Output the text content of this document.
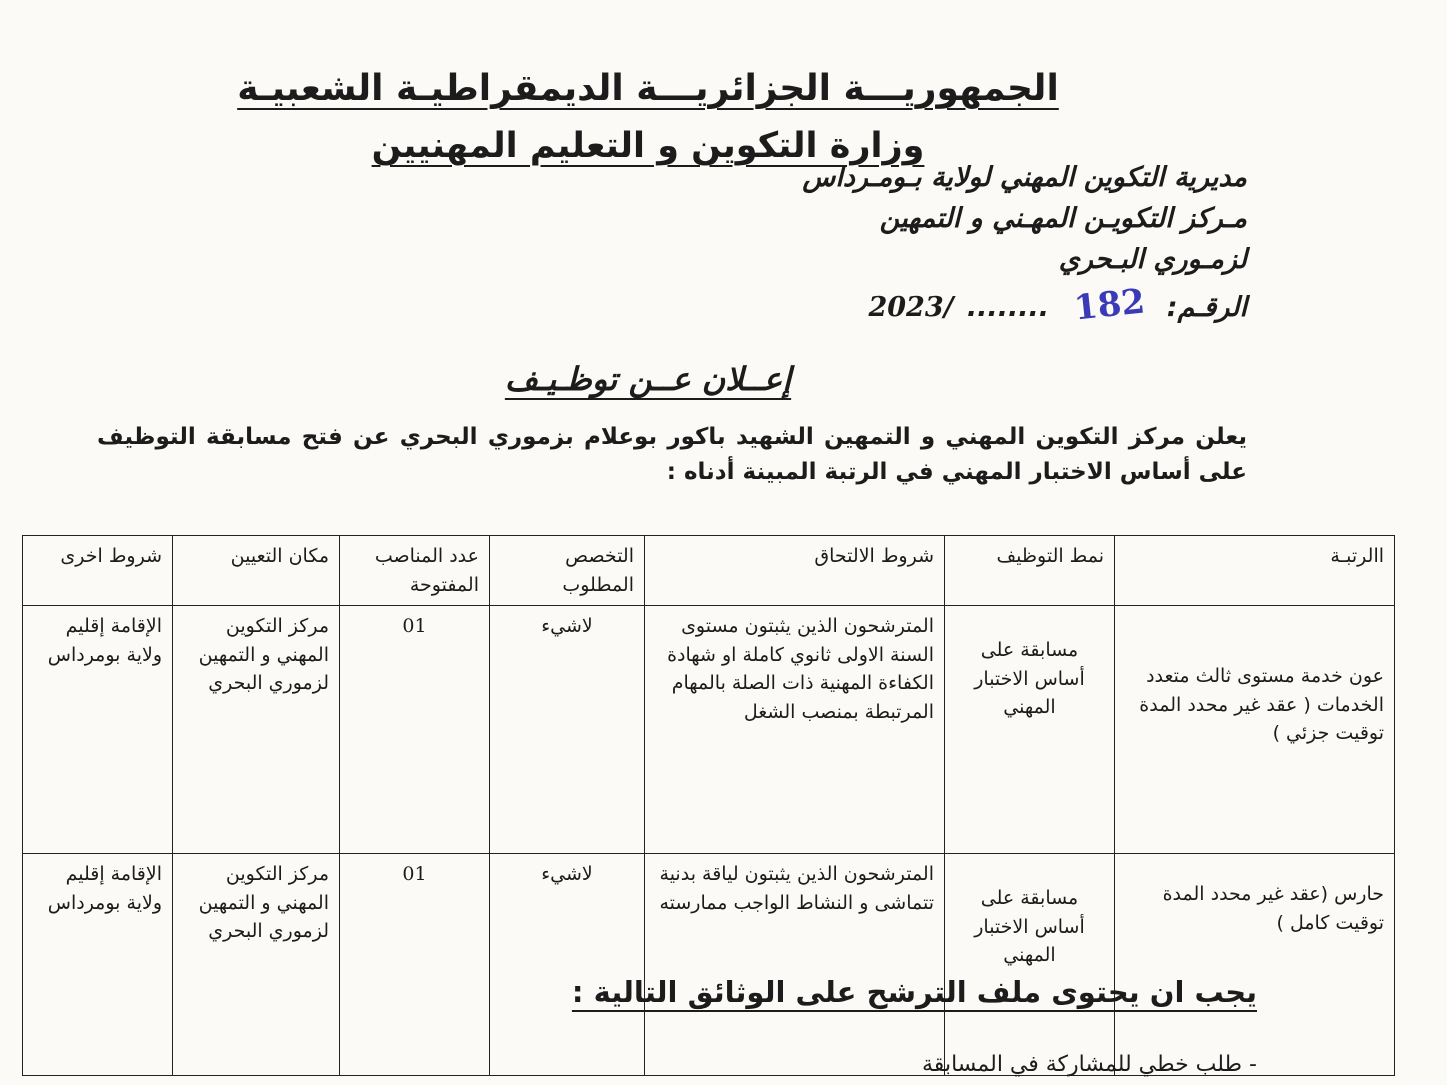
الجمهوريـــة الجزائريـــة الديمقراطيـة الشعبيـة
وزارة التكوين و التعليم المهنيين
مديرية التكوين المهني لولاية بـومـرداس
مـركز التكويـن المهـني و التمهين
لزمـوري البـحري
الرقـم: 182 ........ /2023
إعــلان عــن توظـيـف
يعلن مركز التكوين المهني و التمهين الشهيد باكور بوعلام بزموري البحري عن فتح مسابقة التوظيف على أساس الاختبار المهني في الرتبة المبينة أدناه :
االرتبـة	نمط التوظيف	شروط الالتحاق	التخصص المطلوب	عدد المناصب المفتوحة	مكان التعيين	شروط اخرى
عون خدمة مستوى ثالث متعدد الخدمات ( عقد غير محدد المدة توقيت جزئي )	مسابقة على أساس الاختبار المهني	المترشحون الذين يثبتون مستوى السنة الاولى ثانوي كاملة او شهادة الكفاءة المهنية ذات الصلة بالمهام المرتبطة بمنصب الشغل	لاشيء	01	مركز التكوين المهني و التمهين لزموري البحري	الإقامة إقليم ولاية بومرداس
حارس (عقد غير محدد المدة توقيت كامل )	مسابقة على أساس الاختبار المهني	المترشحون الذين يثبتون لياقة بدنية تتماشى و النشاط الواجب ممارسته	لاشيء	01	مركز التكوين المهني و التمهين لزموري البحري	الإقامة إقليم ولاية بومرداس
يجب ان يحتوى ملف الترشح على الوثائق التالية :
- طلب خطي للمشاركة في المسابقة
